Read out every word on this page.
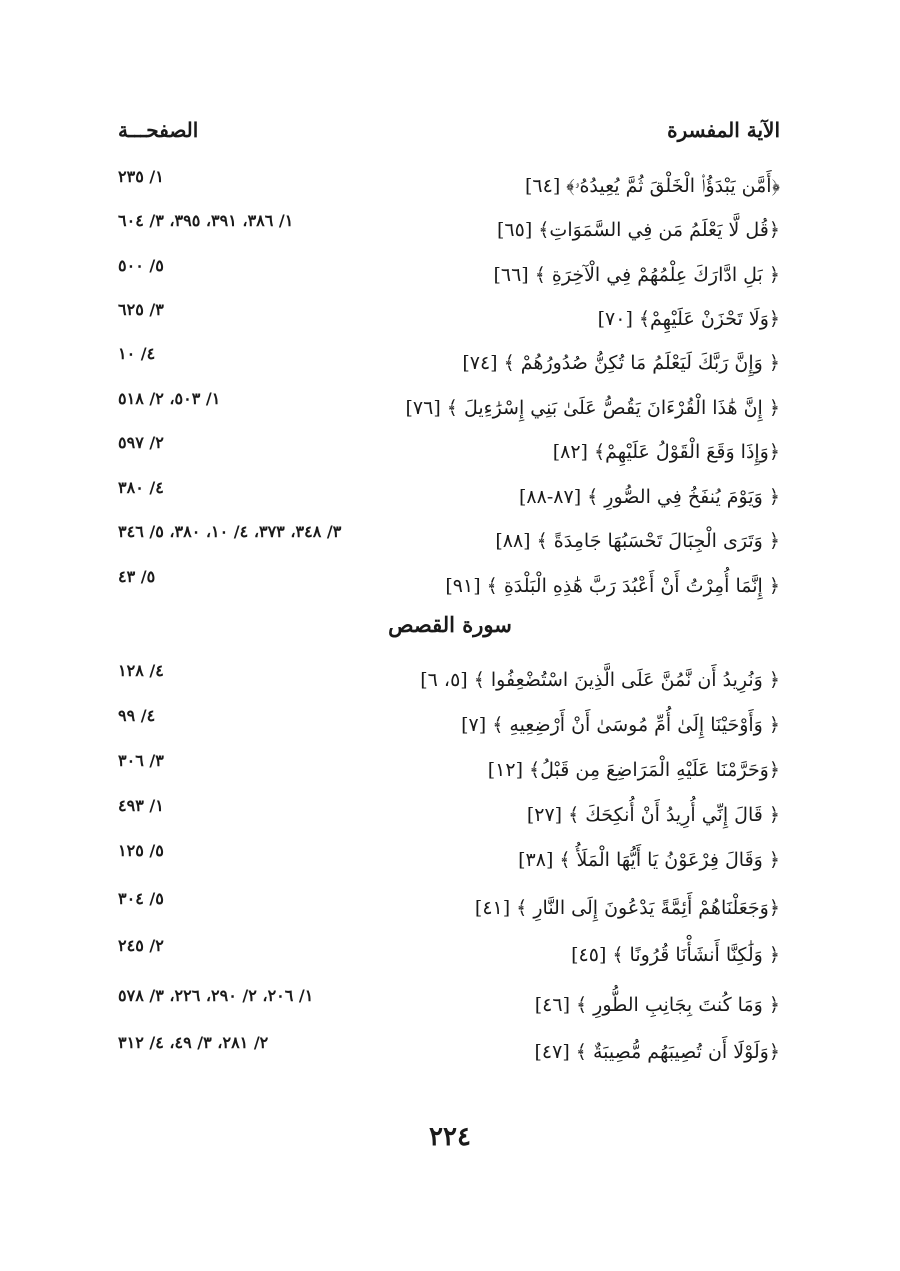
الصفحـــة	الآية المفسرة
﴿أَمَّن يَبْدَؤُا۟ الْخَلْقَ ثُمَّ يُعِيدُهُۥ﴾ [٦٤]
١/ ٢٣٥
﴿قُل لَّا يَعْلَمُ مَن فِي السَّمَوَاتِ﴾ [٦٥]
١/ ٣٨٦، ٣٩١، ٣٩٥، ٣/ ٦٠٤
﴿ بَلِ ادَّارَكَ عِلْمُهُمْ فِي الْآخِرَةِ ﴾ [٦٦]
٥/ ٥٠٠
﴿وَلَا تَحْزَنْ عَلَيْهِمْ﴾ [٧٠]
٣/ ٦٢٥
﴿ وَإِنَّ رَبَّكَ لَيَعْلَمُ مَا تُكِنُّ صُدُورُهُمْ ﴾ [٧٤]
٤/ ١٠
﴿ إِنَّ هَٰذَا الْقُرْءَانَ يَقُصُّ عَلَىٰ بَنِي إِسْرَٰءِيلَ ﴾ [٧٦]
١/ ٥٠٣، ٢/ ٥١٨
﴿وَإِذَا وَقَعَ الْقَوْلُ عَلَيْهِمْ﴾ [٨٢]
٢/ ٥٩٧
﴿ وَيَوْمَ يُنفَخُ فِي الصُّورِ ﴾ [٨٧-٨٨]
٤/ ٣٨٠
﴿ وَتَرَى الْجِبَالَ تَحْسَبُهَا جَامِدَةً ﴾ [٨٨]
٣/ ٣٤٨، ٣٧٣، ٤/ ١٠، ٣٨٠، ٥/ ٣٤٦
﴿ إِنَّمَا أُمِرْتُ أَنْ أَعْبُدَ رَبَّ هَٰذِهِ الْبَلْدَةِ ﴾ [٩١]
٥/ ٤٣
سورة القصص
﴿ وَنُرِيدُ أَن نَّمُنَّ عَلَى الَّذِينَ اسْتُضْعِفُوا ﴾ [٥، ٦]
٤/ ١٢٨
﴿ وَأَوْحَيْنَا إِلَىٰ أُمِّ مُوسَىٰ أَنْ أَرْضِعِيهِ ﴾ [٧]
٤/ ٩٩
﴿وَحَرَّمْنَا عَلَيْهِ الْمَرَاضِعَ مِن قَبْلُ﴾ [١٢]
٣/ ٣٠٦
﴿ قَالَ إِنِّي أُرِيدُ أَنْ أُنكِحَكَ ﴾ [٢٧]
١/ ٤٩٣
﴿ وَقَالَ فِرْعَوْنُ يَا أَيُّهَا الْمَلَأُ ﴾ [٣٨]
٥/ ١٢٥
﴿وَجَعَلْنَاهُمْ أَئِمَّةً يَدْعُونَ إِلَى النَّارِ ﴾ [٤١]
٥/ ٣٠٤
﴿ وَلَٰكِنَّا أَنشَأْنَا قُرُونًا ﴾ [٤٥]
٢/ ٢٤٥
﴿ وَمَا كُنتَ بِجَانِبِ الطُّورِ ﴾ [٤٦]
١/ ٢٠٦، ٢/ ٢٩٠، ٢٢٦، ٣/ ٥٧٨
﴿وَلَوْلَا أَن تُصِيبَهُم مُّصِيبَةٌ ﴾ [٤٧]
٢/ ٢٨١، ٣/ ٤٩، ٤/ ٣١٢
٢٢٤
